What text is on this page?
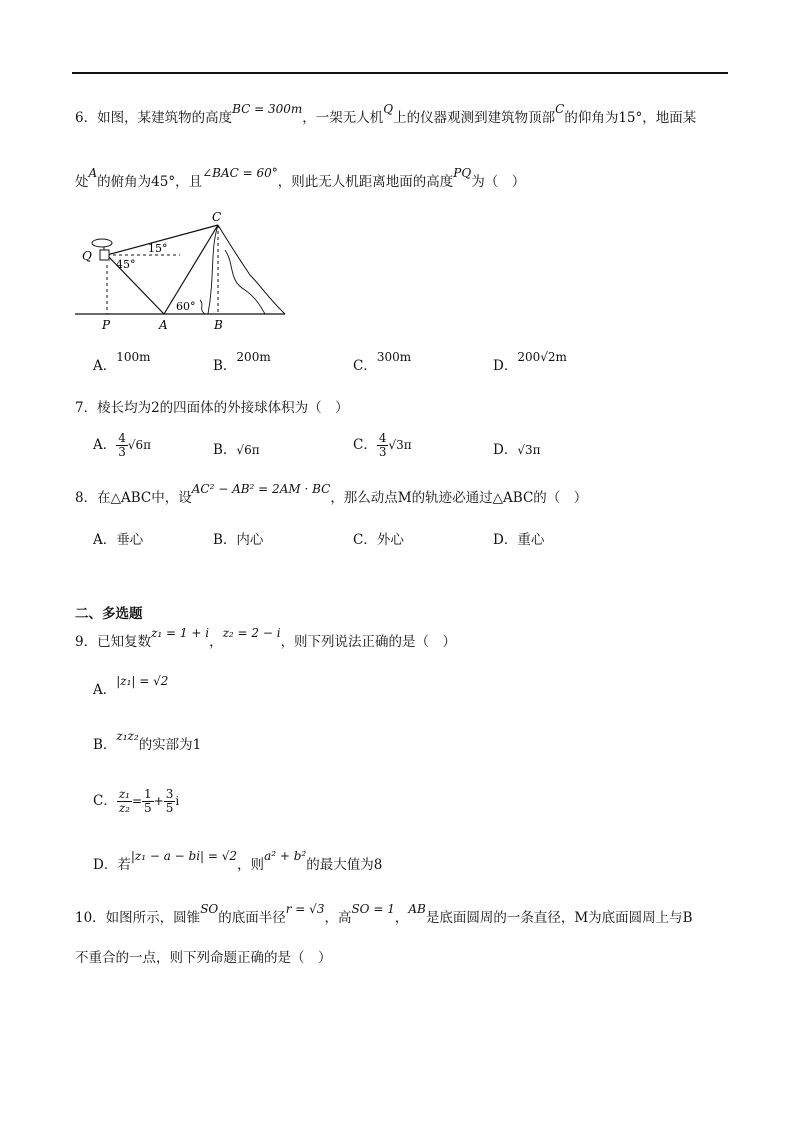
6．如图，某建筑物的高度BC = 300m，一架无人机Q上的仪器观测到建筑物顶部C的仰角为15°，地面某
处A的俯角为45°，且∠BAC = 60°，则此无人机距离地面的高度PQ为（　）
C
Q
P	A	B
15°
45°
60°
A．100m
B．200m
C．300m
D．200√2m
7．棱长均为2的四面体的外接球体积为（　）
A． $\frac{4}{3} √6\pi$	B．√6π	C． $\frac{4}{3} √3\pi$	D．√3π
8．在△ABC中，设AC² − AB² = 2AM · BC，那么动点M的轨迹必通过△ABC的（　）
A．垂心	B．内心	C．外心	D．重心
二、多选题
9．已知复数z₁ = 1 + i，z₂ = 2 − i，则下列说法正确的是（　）
A．|z₁| = √2
B．z₁z₂的实部为1
C． $\frac{\text{z₁}}{\text{z₂}} = \frac{1}{5} + \frac{3}{5}$ i
D．若|z₁ − a − bi| = √2，则a² + b²的最大值为8
10．如图所示，圆锥SO的底面半径r = √3，高SO = 1，AB是底面圆周的一条直径，M为底面圆周上与B
不重合的一点，则下列命题正确的是（　）
